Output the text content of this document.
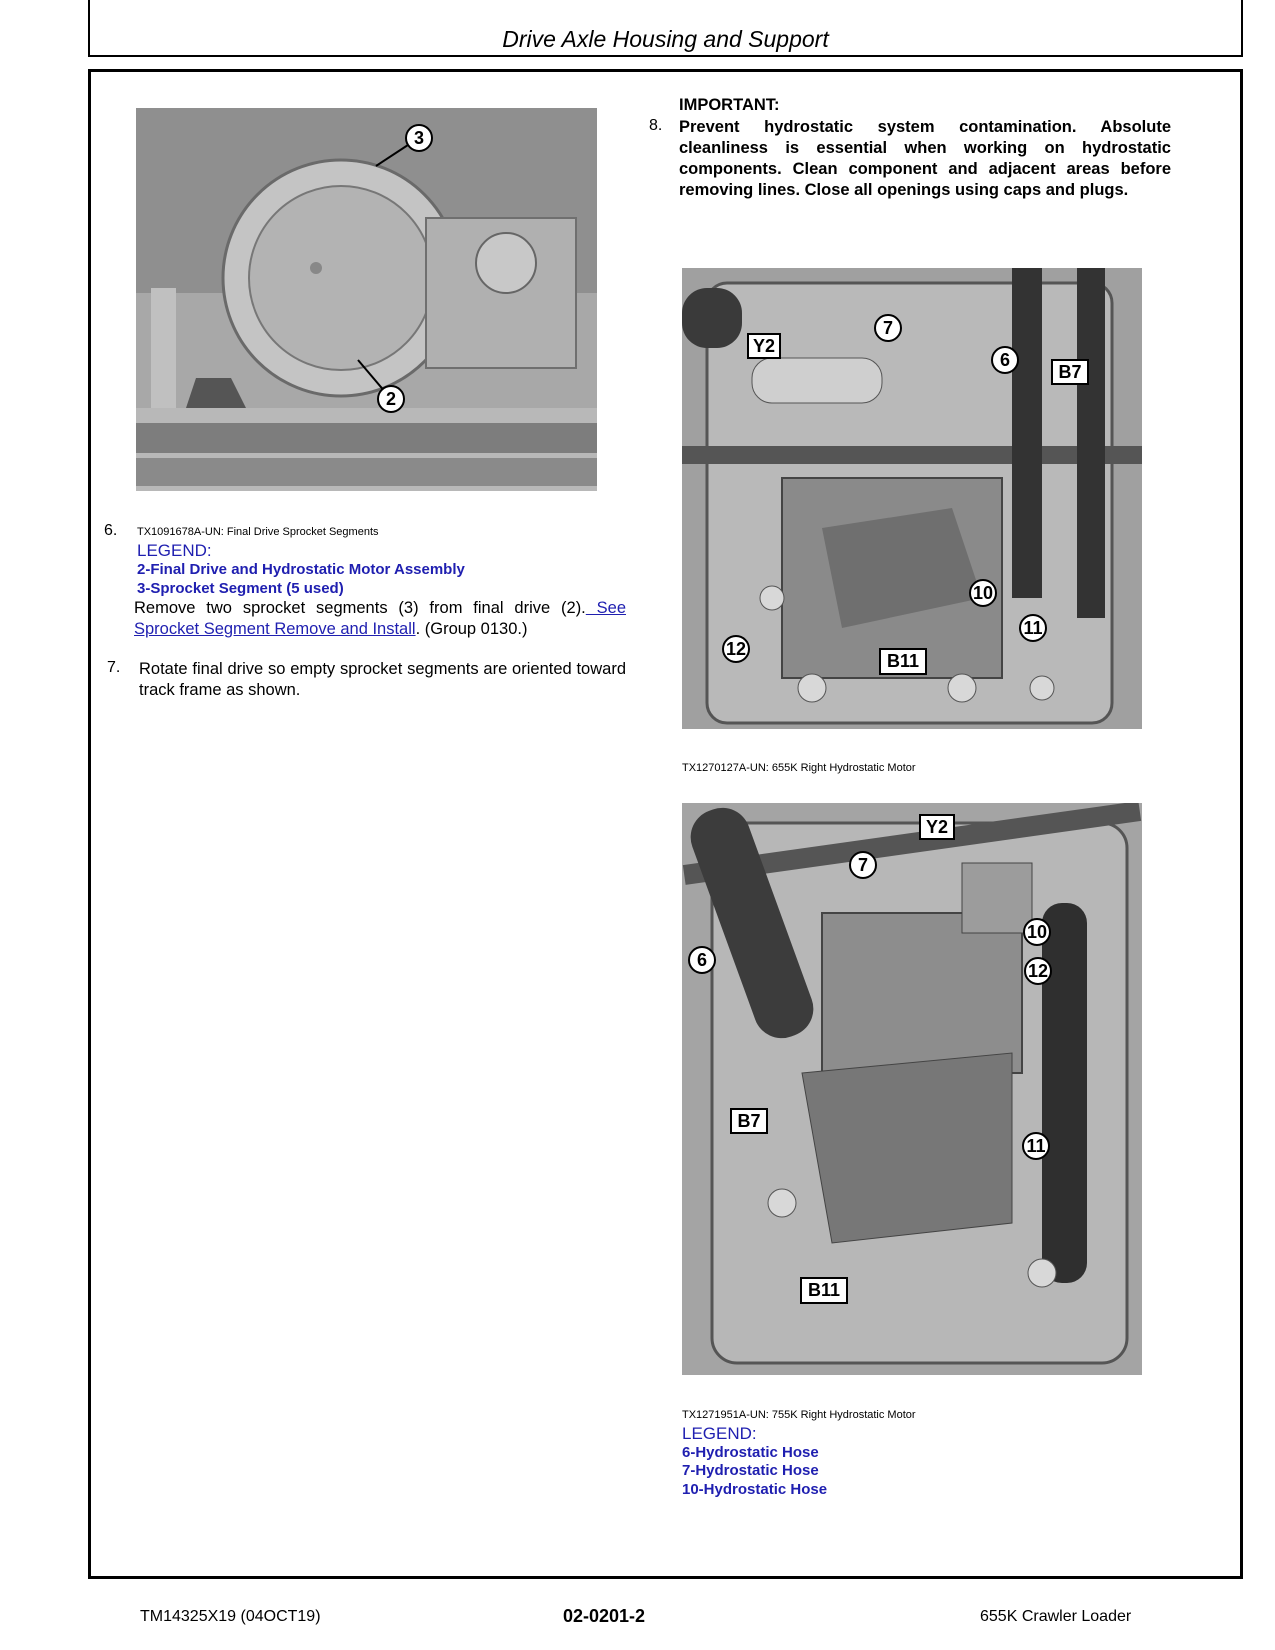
Drive Axle Housing and Support
3
2
6. TX1091678A-UN: Final Drive Sprocket Segments
LEGEND:
2-Final Drive and Hydrostatic Motor Assembly
3-Sprocket Segment (5 used)
Remove two sprocket segments (3) from final drive (2). See Sprocket Segment Remove and Install. (Group 0130.)
7. Rotate final drive so empty sprocket segments are oriented toward track frame as shown.
IMPORTANT:
8. Prevent hydrostatic system contamination. Absolute cleanliness is essential when working on hydrostatic components. Clean component and adjacent areas before removing lines. Close all openings using caps and plugs.
7
6
10
11
12
Y2
B7
B11
TX1270127A-UN: 655K Right Hydrostatic Motor
7
6
10
12
11
Y2
B7
B11
TX1271951A-UN: 755K Right Hydrostatic Motor
LEGEND:
6-Hydrostatic Hose
7-Hydrostatic Hose
10-Hydrostatic Hose
TM14325X19 (04OCT19)	02-0201-2	655K Crawler Loader
